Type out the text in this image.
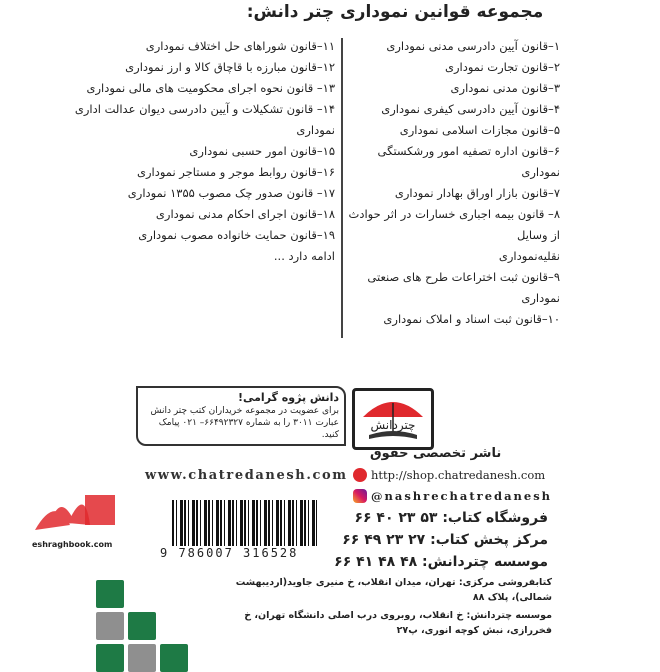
مجموعه قوانین نموداری چتر دانش:
۱–قانون آیین دادرسی مدنی نموداری
۲–قانون تجارت نموداری
۳–قانون مدنی نموداری
۴–قانون آیین دادرسی کیفری نموداری
۵–قانون مجازات اسلامی نموداری
۶–قانون اداره تصفیه امور ورشکستگی نموداری
۷–قانون بازار اوراق بهادار نموداری
۸– قانون بیمه اجباری خسارات در اثر حوادث از وسایل
نقلیه‌نموداری
۹–قانون ثبت اختراعات طرح های صنعتی نموداری
۱۰–قانون ثبت اسناد و املاک نموداری
۱۱–قانون شوراهای حل اختلاف نموداری
۱۲–قانون مبارزه با قاچاق کالا و ارز نموداری
۱۳– قانون نحوه اجرای محکومیت های مالی نموداری
۱۴– قانون تشکیلات و آیین دادرسی دیوان عدالت اداری
نموداری
۱۵–قانون امور حسبی نموداری
۱۶–قانون روابط موجر و مستاجر نموداری
۱۷– قانون صدور چک مصوب ۱۳۵۵ نموداری
۱۸–قانون اجرای احکام مدنی نموداری
۱۹–قانون حمایت خانواده مصوب نموداری
ادامه دارد ...
دانش پژوه گرامی!
برای عضویت در مجموعه خریداران کتب چتر دانش
عبارت ۳۰۱۱ را به شماره ۶۶۴۹۲۳۲۷– ۰۲۱ پیامک کنید.
www.chatredanesh.com
چتردانش
ناشر تخصصی حقوق
http://shop.chatredanesh.com
@nashrechatredanesh
فروشگاه کتاب: ۵۳ ۲۳ ۴۰ ۶۶
مرکز پخش کتاب: ۲۷ ۲۳ ۴۹ ۶۶
موسسه چتردانش: ۴۸ ۴۸ ۴۱ ۶۶
کتابفروشی مرکزی: تهران، میدان انقلاب، خ منیری جاوید(اردیبهشت شمالی)، پلاک ۸۸
موسسه چتردانش: خ انقلاب، روبروی درب اصلی دانشگاه تهران، خ فخررازی، نبش کوچه انوری، پ۲۷
9 786007 316528
eshraghbook.com
